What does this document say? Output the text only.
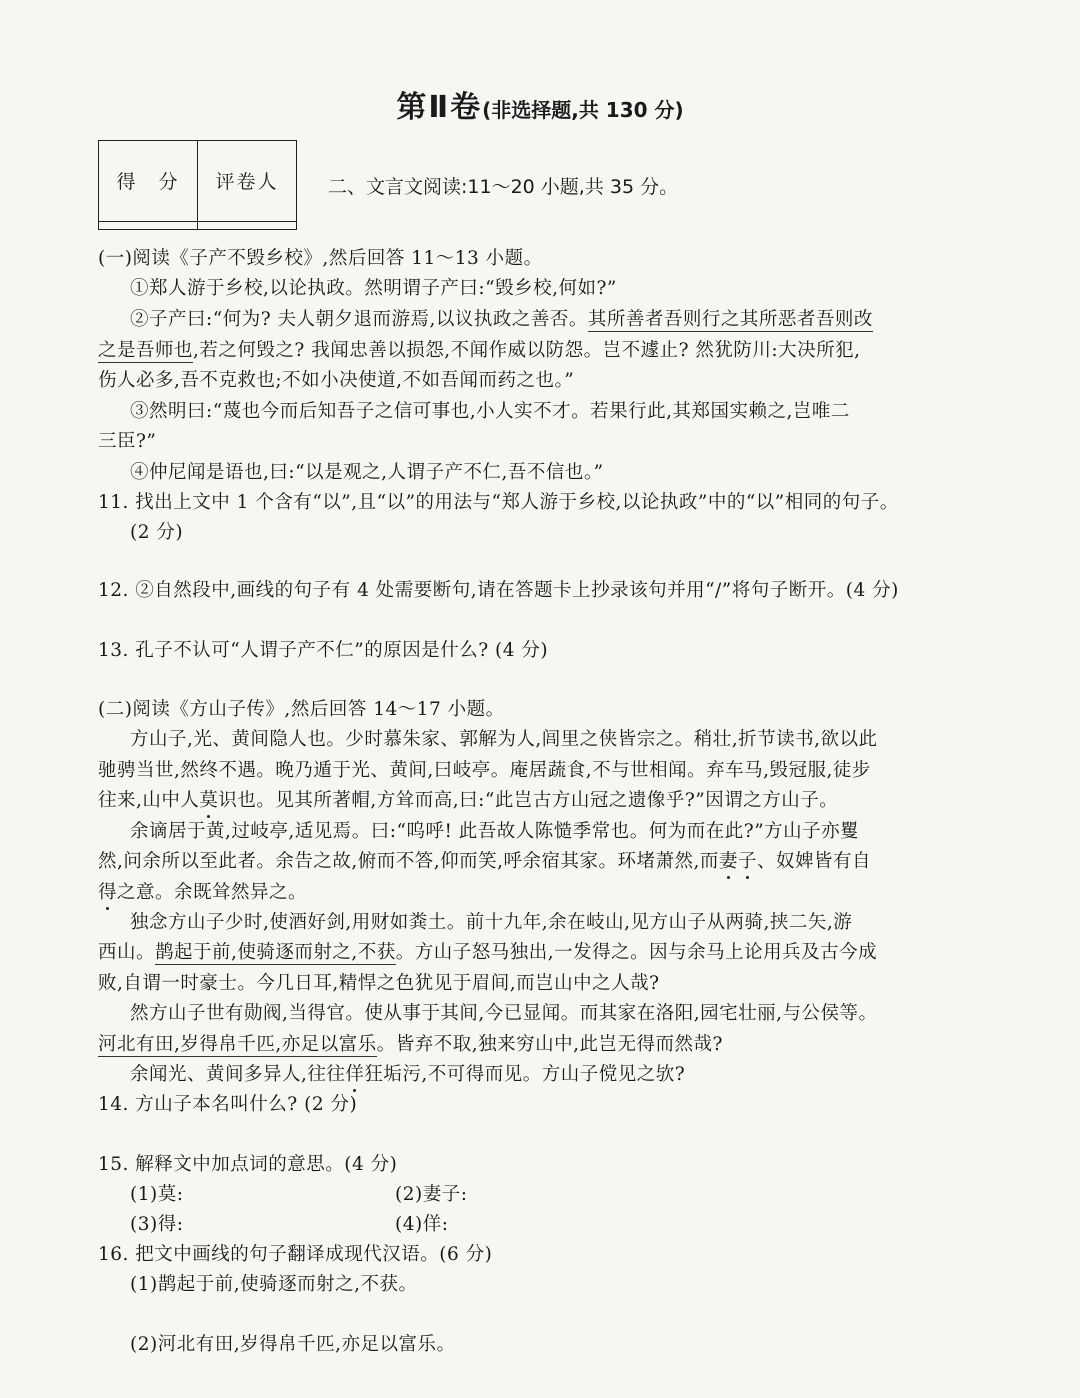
第Ⅱ卷(非选择题,共 130 分)
得　分	评卷人
		二、文言文阅读:11～20 小题,共 35 分。
(一)阅读《子产不毁乡校》,然后回答 11～13 小题。
①郑人游于乡校,以论执政。然明谓子产曰:“毁乡校,何如?”
②子产曰:“何为? 夫人朝夕退而游焉,以议执政之善否。其所善者吾则行之其所恶者吾则改
之是吾师也,若之何毁之? 我闻忠善以损怨,不闻作威以防怨。岂不遽止? 然犹防川:大决所犯,
伤人必多,吾不克救也;不如小决使道,不如吾闻而药之也。”
③然明曰:“蔑也今而后知吾子之信可事也,小人实不才。若果行此,其郑国实赖之,岂唯二
三臣?”
④仲尼闻是语也,曰:“以是观之,人谓子产不仁,吾不信也。”
11. 找出上文中 1 个含有“以”,且“以”的用法与“郑人游于乡校,以论执政”中的“以”相同的句子。
(2 分)
12. ②自然段中,画线的句子有 4 处需要断句,请在答题卡上抄录该句并用“/”将句子断开。(4 分)
13. 孔子不认可“人谓子产不仁”的原因是什么? (4 分)
(二)阅读《方山子传》,然后回答 14～17 小题。
方山子,光、黄间隐人也。少时慕朱家、郭解为人,闾里之侠皆宗之。稍壮,折节读书,欲以此
驰骋当世,然终不遇。晚乃遁于光、黄间,曰岐亭。庵居蔬食,不与世相闻。弃车马,毁冠服,徒步
往来,山中人莫识也。见其所著帽,方耸而高,曰:“此岂古方山冠之遗像乎?”因谓之方山子。
余谪居于黄,过岐亭,适见焉。曰:“呜呼! 此吾故人陈慥季常也。何为而在此?”方山子亦矍
然,问余所以至此者。余告之故,俯而不答,仰而笑,呼余宿其家。环堵萧然,而妻子、奴婢皆有自
得之意。余既耸然异之。
独念方山子少时,使酒好剑,用财如粪土。前十九年,余在岐山,见方山子从两骑,挟二矢,游
西山。鹊起于前,使骑逐而射之,不获。方山子怒马独出,一发得之。因与余马上论用兵及古今成
败,自谓一时豪士。今几日耳,精悍之色犹见于眉间,而岂山中之人哉?
然方山子世有勋阀,当得官。使从事于其间,今已显闻。而其家在洛阳,园宅壮丽,与公侯等。
河北有田,岁得帛千匹,亦足以富乐。皆弃不取,独来穷山中,此岂无得而然哉?
余闻光、黄间多异人,往往佯狂垢污,不可得而见。方山子傥见之欤?
14. 方山子本名叫什么? (2 分)
15. 解释文中加点词的意思。(4 分)
(1)莫:	(2)妻子:
(3)得:	(4)佯:
16. 把文中画线的句子翻译成现代汉语。(6 分)
(1)鹊起于前,使骑逐而射之,不获。
(2)河北有田,岁得帛千匹,亦足以富乐。
